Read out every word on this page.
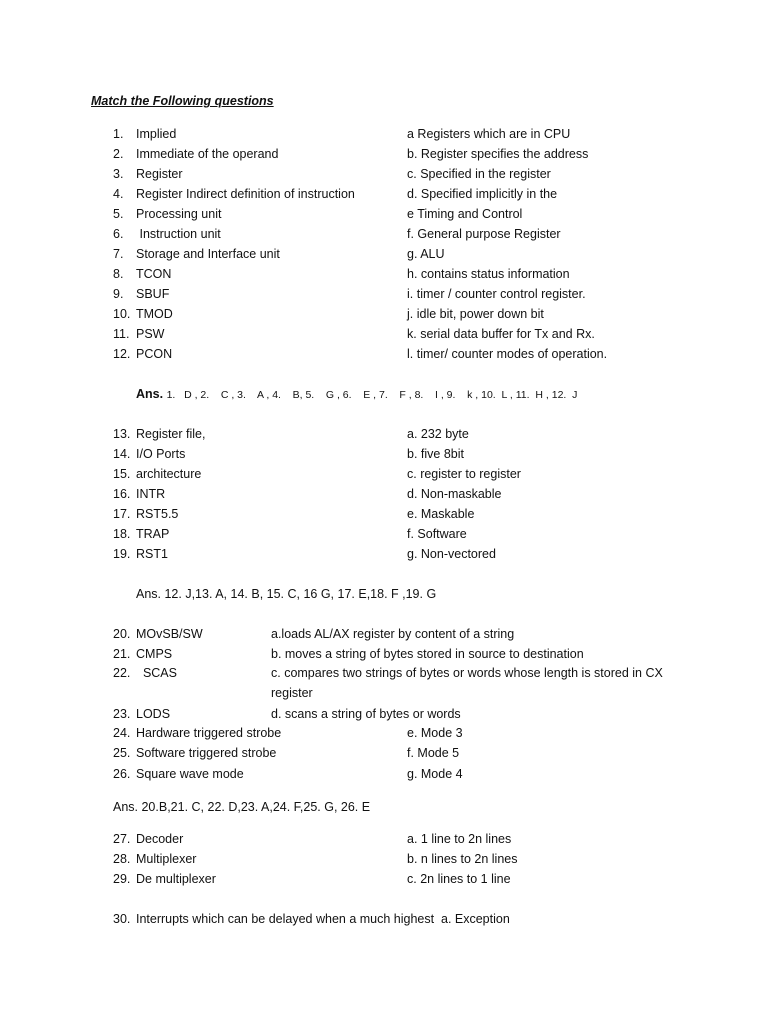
Match the Following questions
1. Implied	a Registers which are in CPU
2. Immediate of the operand	b. Register specifies the address
3. Register	c. Specified in the register
4. Register Indirect definition of instruction	d. Specified implicitly in the
5. Processing unit	e Timing and Control
6. Instruction unit	f. General purpose Register
7. Storage and Interface unit	g. ALU
8. TCON	h. contains status information
9. SBUF	i. timer / counter control register.
10. TMOD	j. idle bit, power down bit
11. PSW	k. serial data buffer for Tx and Rx.
12. PCON	l. timer/ counter modes of operation.
Ans. 1.   D , 2.    C , 3.    A , 4.    B, 5.    G , 6.    E , 7.    F , 8.    I , 9.    k , 10.  L , 11.  H , 12.  J
13. Register file,	a. 232 byte
14. I/O Ports	b. five 8bit
15. architecture	c. register to register
16. INTR	d. Non-maskable
17. RST5.5	e. Maskable
18. TRAP	f. Software
19. RST1	g. Non-vectored
Ans. 12. J,13. A, 14. B, 15. C, 16 G, 17. E,18. F ,19. G
20. MOvSB/SW	a.loads AL/AX register by content of a string
21. CMPS	b. moves a string of bytes stored in source to destination
22. SCAS	c. compares two strings of bytes or words whose length is stored in CX register
23. LODS	d. scans a string of bytes or words
24. Hardware triggered strobe	e. Mode 3
25. Software triggered strobe	f. Mode 5
26. Square wave mode	g. Mode 4
Ans. 20.B,21. C, 22. D,23. A,24. F,25. G, 26. E
27. Decoder	a. 1 line to 2n lines
28. Multiplexer	b. n lines to 2n lines
29. De multiplexer	c. 2n lines to 1 line
30. Interrupts which can be delayed when a much highest a. Exception
